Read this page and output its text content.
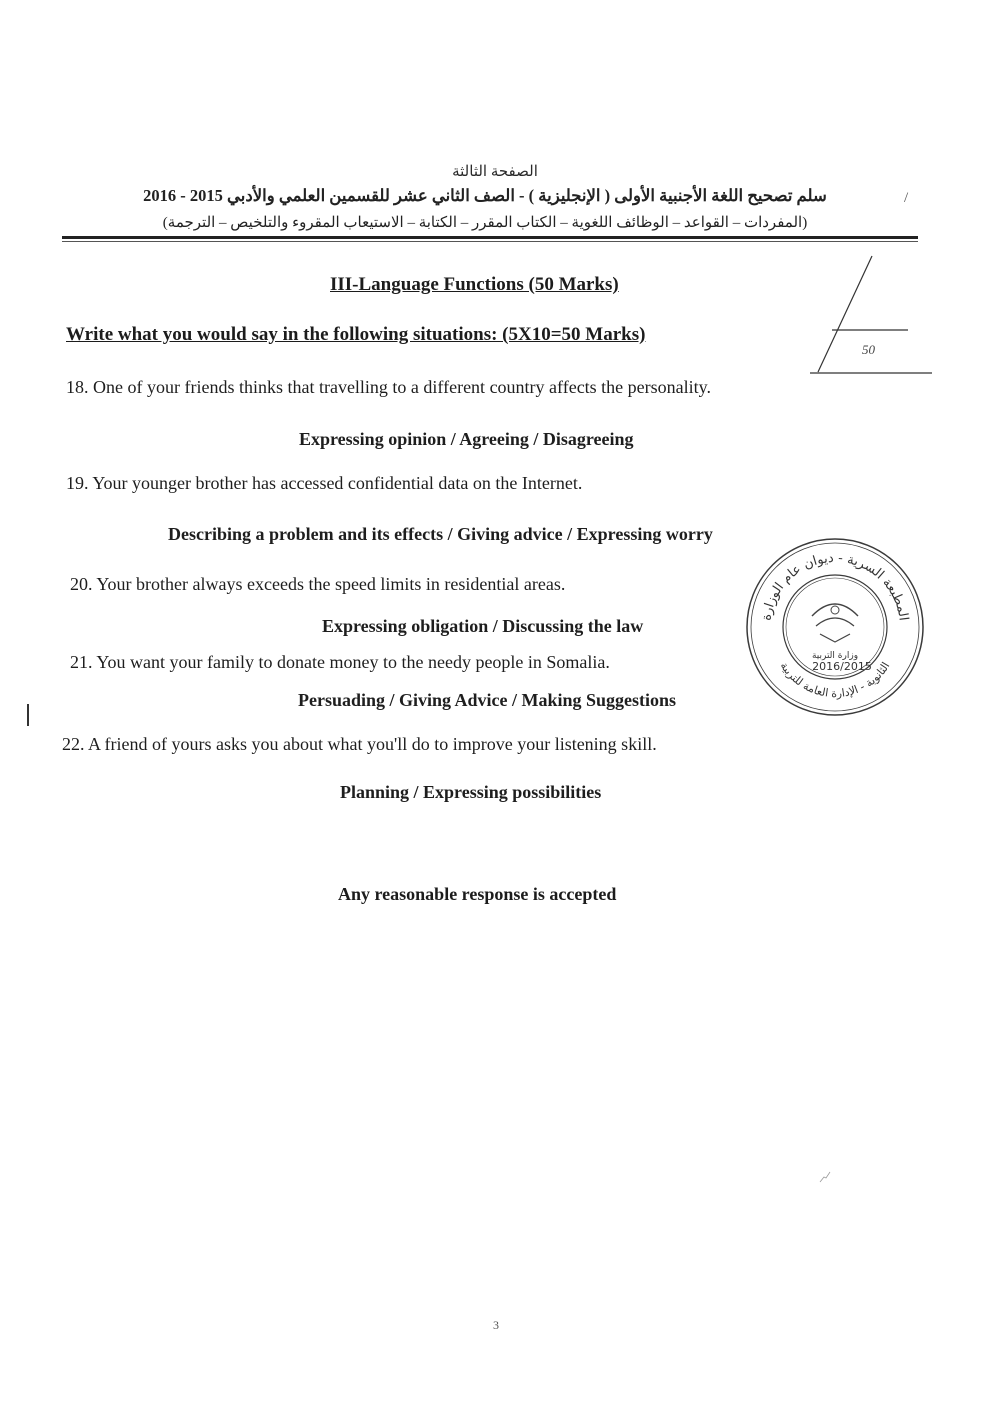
الصفحة الثالثة
/
سلم تصحيح اللغة الأجنبية الأولى ( الإنجليزية ) - الصف الثاني عشر للقسمين العلمي والأدبي 2015 - 2016
(المفردات – القواعد – الوظائف اللغوية – الكتاب المقرر – الكتابة – الاستيعاب المقروء والتلخيص – الترجمة)
III-Language Functions (50 Marks)
Write what you would say in the following situations: (5X10=50 Marks)
50
18. One of your friends thinks that travelling to a different country affects the personality.
Expressing opinion / Agreeing / Disagreeing
19. Your younger brother has accessed confidential data on the Internet.
Describing a problem and its effects / Giving advice / Expressing worry
20. Your brother always exceeds the speed limits in residential areas.
Expressing obligation / Discussing the law
21. You want your family to donate money to the needy people in Somalia.
Persuading / Giving Advice / Making Suggestions
22. A friend of yours asks you about what you'll do to improve your listening skill.
Planning / Expressing possibilities
Any reasonable response is accepted
المطبعة السرية - ديوان عام الوزارة
الثانوية - الإدارة العامة للتربية
وزارة التربية
2016/2015
3
